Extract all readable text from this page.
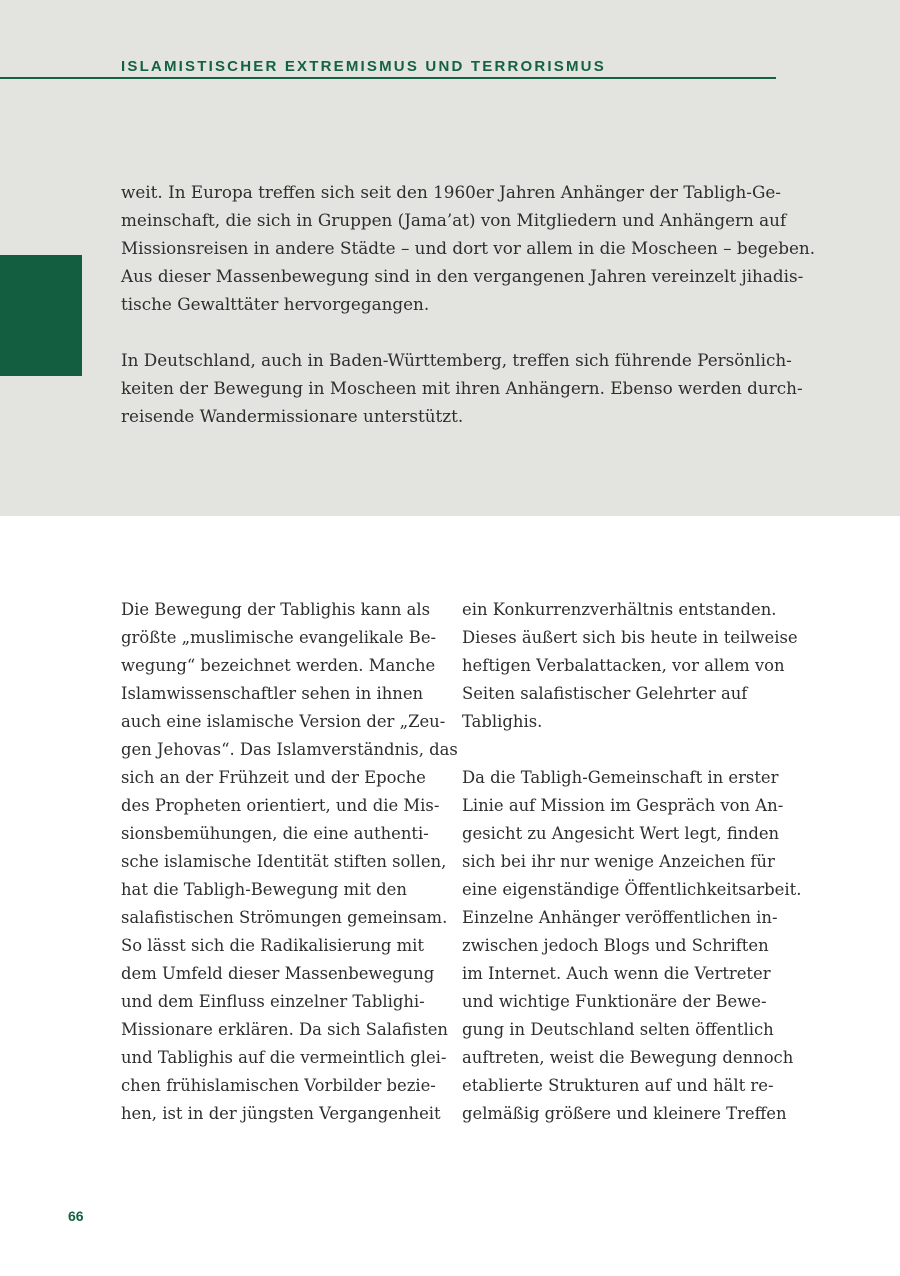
ISLAMISTISCHER EXTREMISMUS UND TERRORISMUS

weit. In Europa treffen sich seit den 1960er Jahren Anhänger der Tabligh-Ge-
meinschaft, die sich in Gruppen (Jama’at) von Mitgliedern und Anhängern auf
Missionsreisen in andere Städte – und dort vor allem in die Moscheen – begeben.
Aus dieser Massenbewegung sind in den vergangenen Jahren vereinzelt jihadis-
tische Gewalttäter hervorgegangen.

In Deutschland, auch in Baden-Württemberg, treffen sich führende Persönlich-
keiten der Bewegung in Moscheen mit ihren Anhängern. Ebenso werden durch-
reisende Wandermissionare unterstützt.

Die Bewegung der Tablighis kann als
größte „muslimische evangelikale Be-
wegung“ bezeichnet werden. Manche
Islamwissenschaftler sehen in ihnen
auch eine islamische Version der „Zeu-
gen Jehovas“. Das Islamverständnis, das
sich an der Frühzeit und der Epoche
des Propheten orientiert, und die Mis-
sionsbemühungen, die eine authenti-
sche islamische Identität stiften sollen,
hat die Tabligh-Bewegung mit den
salafistischen Strömungen gemeinsam.
So lässt sich die Radikalisierung mit
dem Umfeld dieser Massenbewegung
und dem Einfluss einzelner Tablighi-
Missionare erklären. Da sich Salafisten
und Tablighis auf die vermeintlich glei-
chen frühislamischen Vorbilder bezie-
hen, ist in der jüngsten Vergangenheit

ein Konkurrenzverhältnis entstanden.
Dieses äußert sich bis heute in teilweise
heftigen Verbalattacken, vor allem von
Seiten salafistischer Gelehrter auf
Tablighis.

Da die Tabligh-Gemeinschaft in erster
Linie auf Mission im Gespräch von An-
gesicht zu Angesicht Wert legt, finden
sich bei ihr nur wenige Anzeichen für
eine eigenständige Öffentlichkeitsarbeit.
Einzelne Anhänger veröffentlichen in-
zwischen jedoch Blogs und Schriften
im Internet. Auch wenn die Vertreter
und wichtige Funktionäre der Bewe-
gung in Deutschland selten öffentlich
auftreten, weist die Bewegung dennoch
etablierte Strukturen auf und hält re-
gelmäßig größere und kleinere Treffen

66
